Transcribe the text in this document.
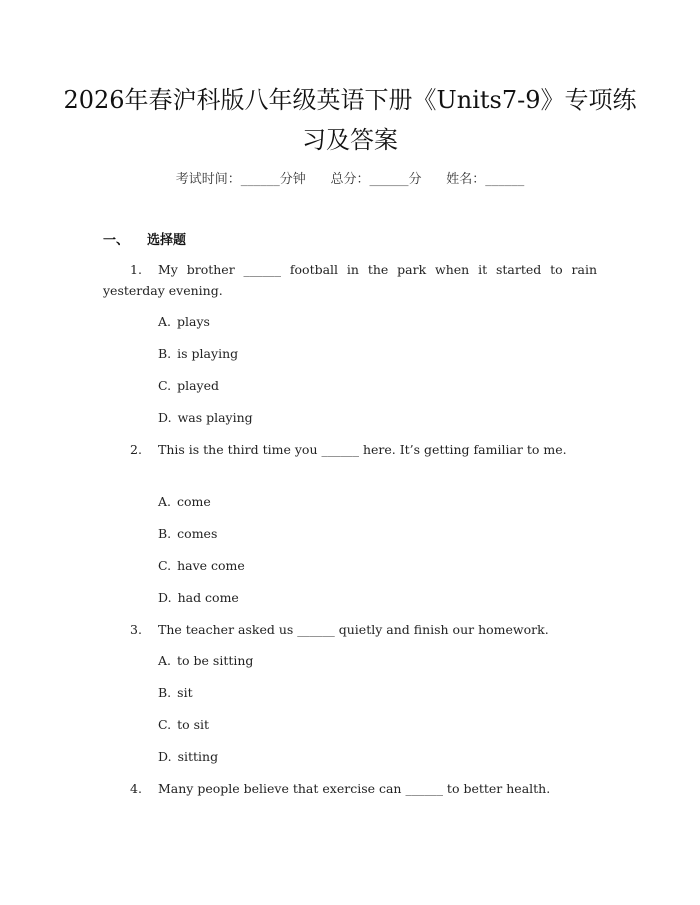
2026年春沪科版八年级英语下册《Units7-9》专项练习及答案
考试时间：______分钟      总分：______分      姓名：______
一、 选择题
1. My brother ______ football in the park when it started to rain yesterday evening.
A. plays
B. is playing
C. played
D. was playing
2. This is the third time you ______ here. It’s getting familiar to me.
A. come
B. comes
C. have come
D. had come
3. The teacher asked us ______ quietly and finish our homework.
A. to be sitting
B. sit
C. to sit
D. sitting
4. Many people believe that exercise can ______ to better health.
